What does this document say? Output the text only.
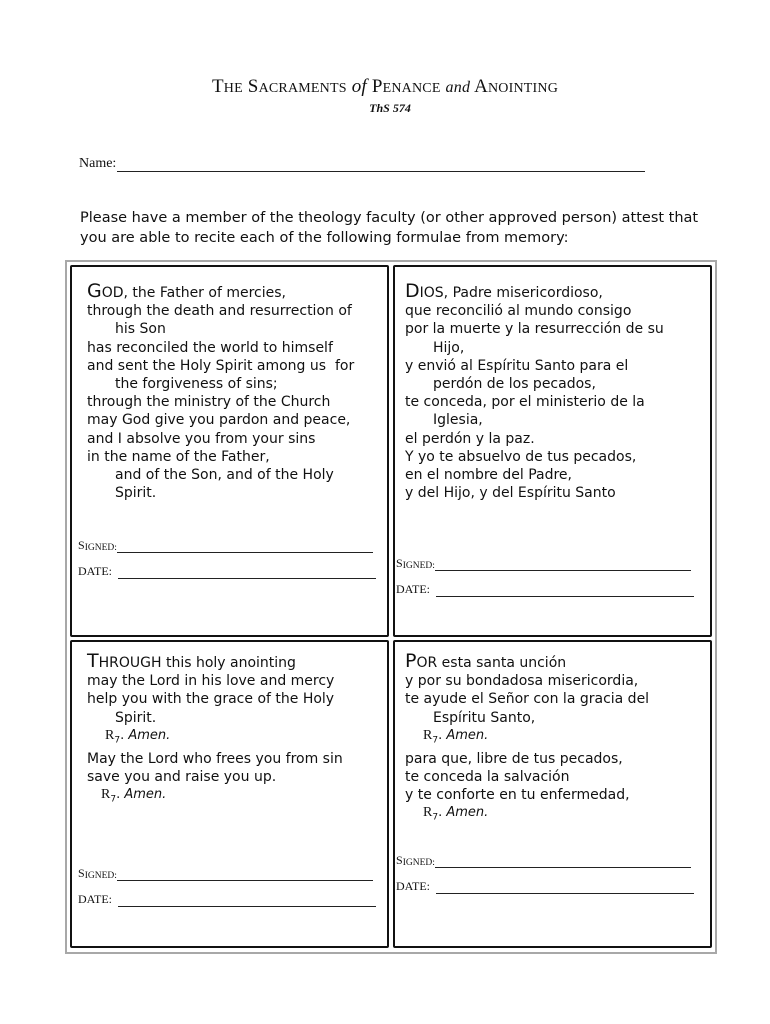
THE SACRAMENTS of PENANCE and ANOINTING
ThS 574
Name:
Please have a member of the theology faculty (or other approved person) attest that you are able to recite each of the following formulae from memory:
GOD, the Father of mercies,
through the death and resurrection of
his Son
has reconciled the world to himself
and sent the Holy Spirit among us  for
the forgiveness of sins;
through the ministry of the Church
may God give you pardon and peace,
and I absolve you from your sins
in the name of the Father,
and of the Son, and of the Holy
Spirit.
S IGNED:
DATE:
DIOS, Padre misericordioso,
que reconcilió al mundo consigo
por la muerte y la resurrección de su
Hijo,
y envió al Espíritu Santo para el
perdón de los pecados,
te conceda, por el ministerio de la
Iglesia,
el perdón y la paz.
Y yo te absuelvo de tus pecados,
en el nombre del Padre,
y del Hijo, y del Espíritu Santo
S IGNED:
DATE:
THROUGH this holy anointing
may the Lord in his love and mercy
help you with the grace of the Holy
Spirit.
$R_7$. Amen.
May the Lord who frees you from sin
save you and raise you up.
$R_7$. Amen.
S IGNED:
DATE:
POR esta santa unción
y por su bondadosa misericordia,
te ayude el Señor con la gracia del
Espíritu Santo,
$R_7$. Amen.
para que, libre de tus pecados,
te conceda la salvación
y te conforte en tu enfermedad,
$R_7$. Amen.
S IGNED:
DATE:
